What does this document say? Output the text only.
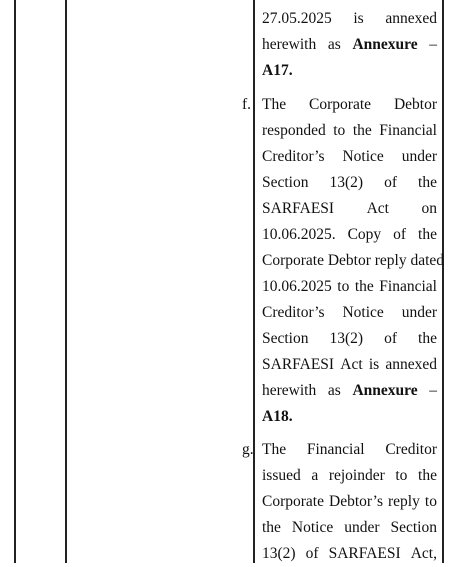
27.05.2025 is annexed
herewith as Annexure –
A17.
f. The Corporate Debtor
responded to the Financial
Creditor’s Notice under
Section 13(2) of the
SARFAESI Act on
10.06.2025. Copy of the
Corporate Debtor reply dated
10.06.2025 to the Financial
Creditor’s Notice under
Section 13(2) of the
SARFAESI Act is annexed
herewith as Annexure –
A18.
g. The Financial Creditor
issued a rejoinder to the
Corporate Debtor’s reply to
the Notice under Section
13(2) of SARFAESI Act,
